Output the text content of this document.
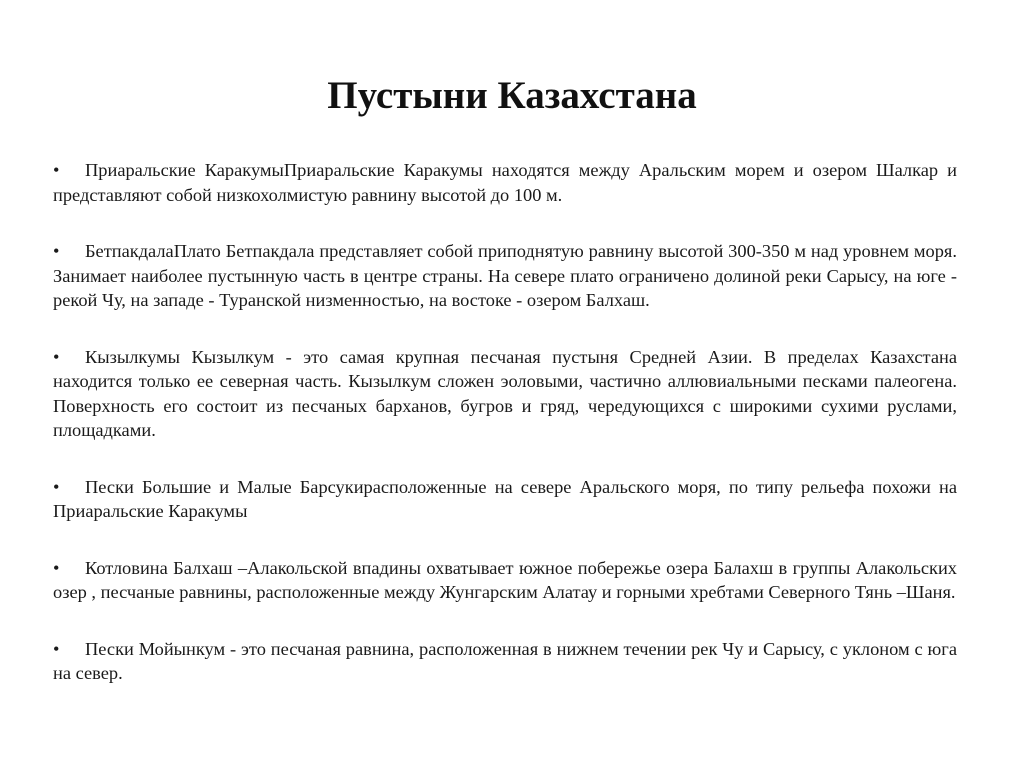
Пустыни Казахстана
•	Приаральские КаракумыПриаральские Каракумы находятся между Аральским морем и озером Шалкар и представляют собой низкохолмистую равнину высотой до 100 м.
•	БетпакдалаПлато Бетпакдала представляет собой приподнятую равнину высотой 300-350 м над уровнем моря. Занимает наиболее пустынную часть в центре страны. На севере плато ограничено долиной реки Сарысу, на юге - рекой Чу, на западе - Туранской низменностью, на востоке - озером Балхаш.
•	Кызылкумы Кызылкум - это самая крупная песчаная пустыня Средней Азии. В пределах Казахстана находится только ее северная часть. Кызылкум сложен эоловыми, частично аллювиальными песками палеогена. Поверхность его состоит из песчаных барханов, бугров и гряд, чередующихся с широкими сухими руслами, площадками.
•	Пески Большие и Малые Барсукирасположенные на севере Аральского моря, по типу рельефа похожи на Приаральские Каракумы
•	Котловина Балхаш –Алакольской впадины охватывает южное побережье озера Балахш в группы Алакольских озер , песчаные равнины, расположенные между Жунгарским Алатау и горными хребтами Северного Тянь –Шаня.
•	Пески Мойынкум - это песчаная равнина, расположенная в нижнем течении рек Чу и Сарысу, с уклоном с юга на север.
